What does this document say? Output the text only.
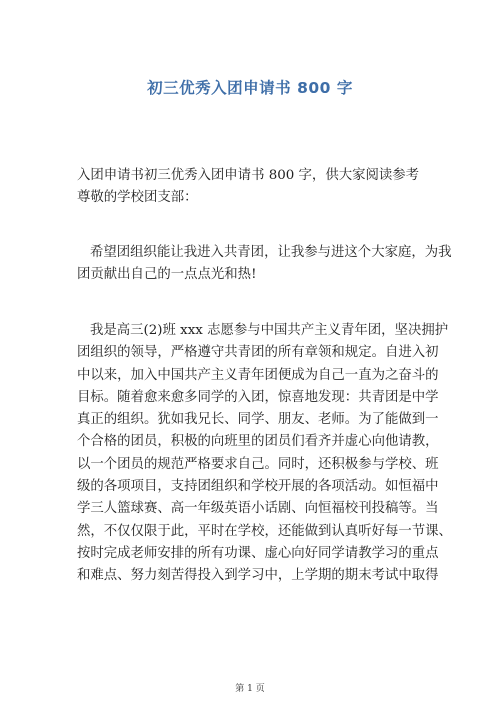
初三优秀入团申请书 800 字
入团申请书初三优秀入团申请书 800 字，供大家阅读参考
尊敬的学校团支部：
希望团组织能让我进入共青团，让我参与进这个大家庭，为我
团贡献出自己的一点点光和热!
我是高三(2)班 xxx 志愿参与中国共产主义青年团，坚决拥护
团组织的领导，严格遵守共青团的所有章领和规定。自进入初
中以来，加入中国共产主义青年团便成为自己一直为之奋斗的
目标。随着愈来愈多同学的入团，惊喜地发现：共青团是中学
真正的组织。犹如我兄长、同学、朋友、老师。为了能做到一
个合格的团员，积极的向班里的团员们看齐并虚心向他请教，
以一个团员的规范严格要求自己。同时，还积极参与学校、班
级的各项项目，支持团组织和学校开展的各项活动。如恒福中
学三人篮球赛、高一年级英语小话剧、向恒福校刊投稿等。当
然，不仅仅限于此，平时在学校，还能做到认真听好每一节课、
按时完成老师安排的所有功课、虚心向好同学请教学习的重点
和难点、努力刻苦得投入到学习中，上学期的期末考试中取得
第 1 页
